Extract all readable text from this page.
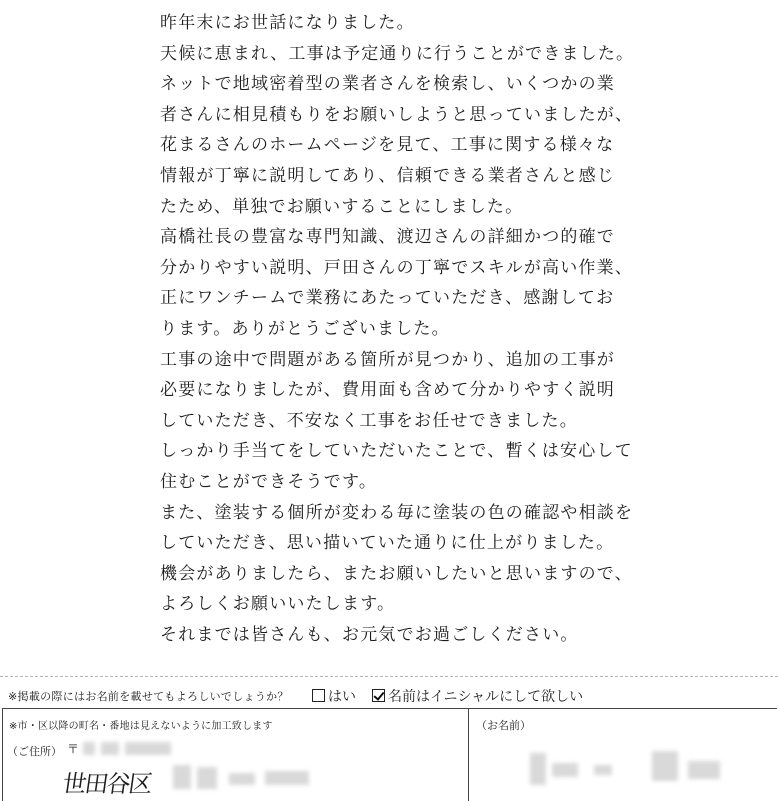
昨年末にお世話になりました。
天候に恵まれ、工事は予定通りに行うことができました。
ネットで地域密着型の業者さんを検索し、いくつかの業
者さんに相見積もりをお願いしようと思っていましたが、
花まるさんのホームページを見て、工事に関する様々な
情報が丁寧に説明してあり、信頼できる業者さんと感じ
たため、単独でお願いすることにしました。
高橋社長の豊富な専門知識、渡辺さんの詳細かつ的確で
分かりやすい説明、戸田さんの丁寧でスキルが高い作業、
正にワンチームで業務にあたっていただき、感謝してお
ります。ありがとうございました。
工事の途中で問題がある箇所が見つかり、追加の工事が
必要になりましたが、費用面も含めて分かりやすく説明
していただき、不安なく工事をお任せできました。
しっかり手当てをしていただいたことで、暫くは安心して
住むことができそうです。
また、塗装する個所が変わる毎に塗装の色の確認や相談を
していただき、思い描いていた通りに仕上がりました。
機会がありましたら、またお願いしたいと思いますので、
よろしくお願いいたします。
それまでは皆さんも、お元気でお過ごしください。
※掲載の際にはお名前を載せてもよろしいでしょうか？	はい	名前はイニシャルにして欲しい
※市・区以降の町名・番地は見えないように加工致します
（ご住所） 〒
世田谷区
（お名前）
